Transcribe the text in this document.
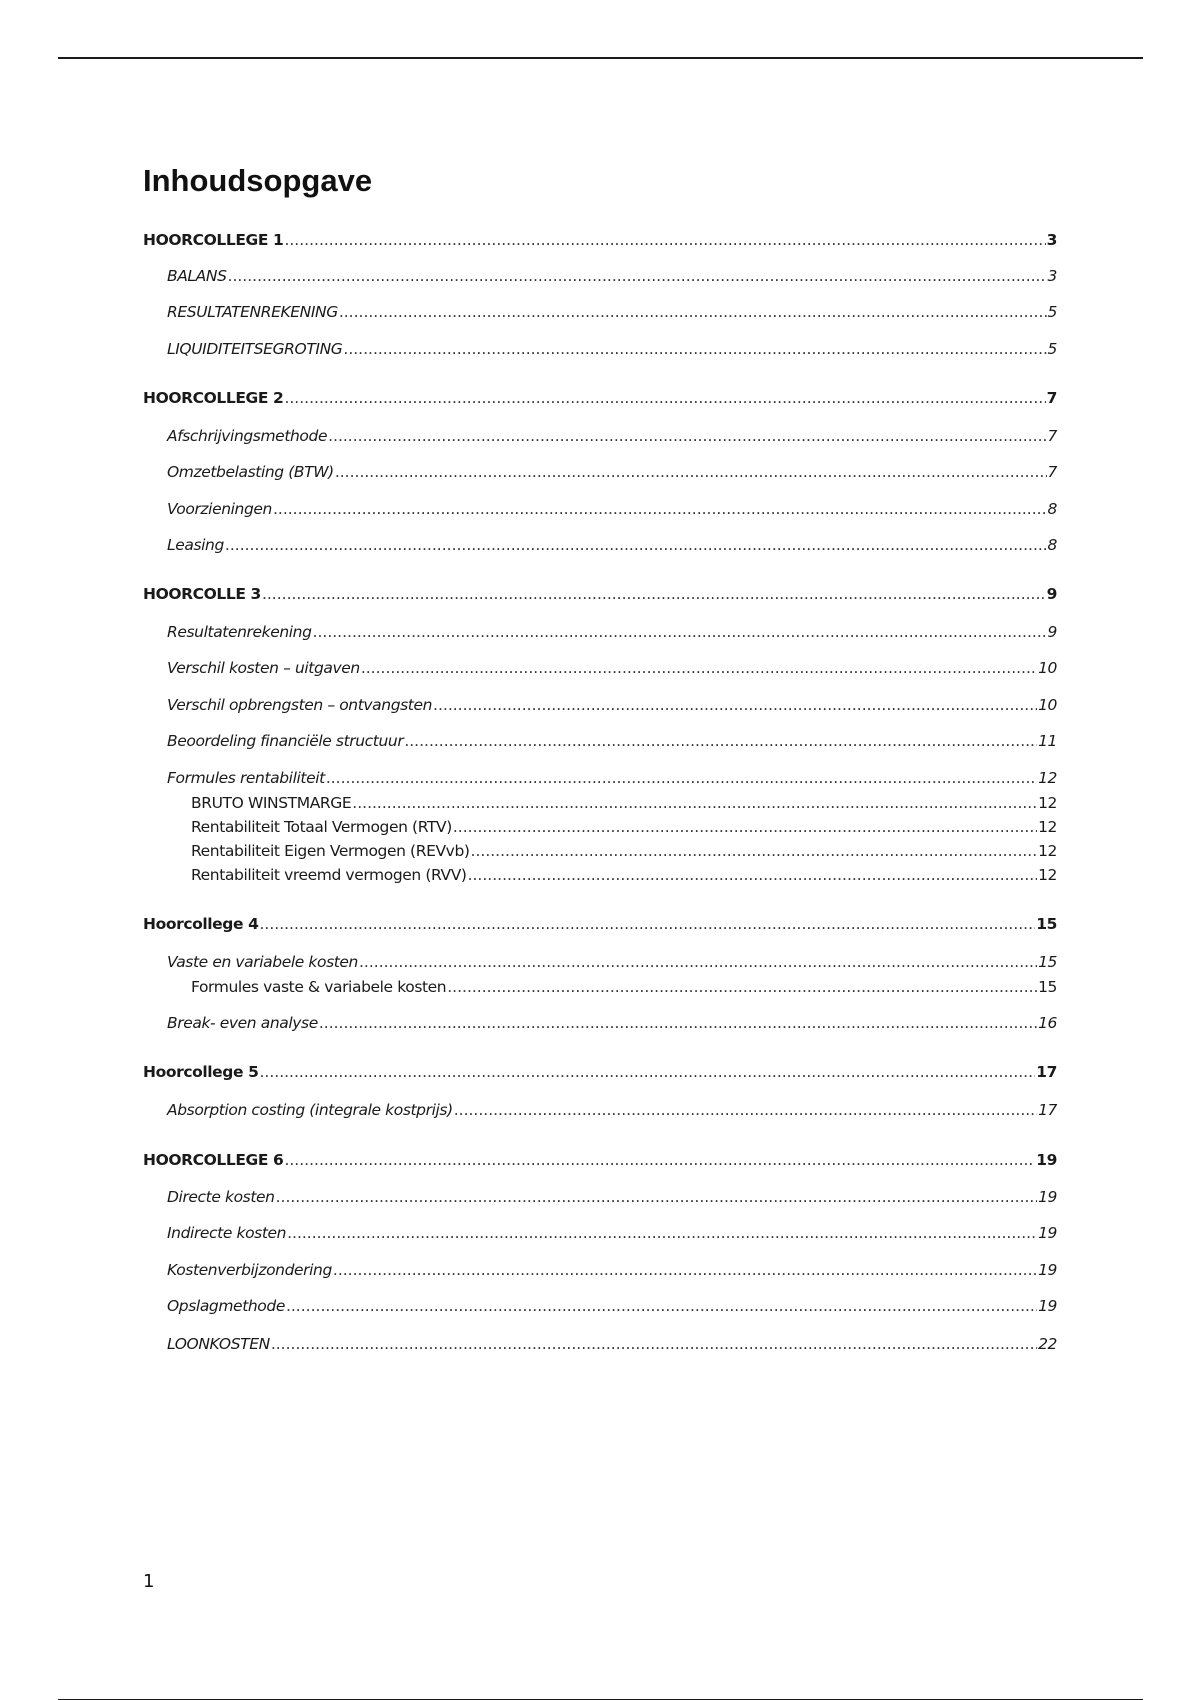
Inhoudsopgave
HOORCOLLEGE 1 .....	3
BALANS .....	3
RESULTATENREKENING .....	5
LIQUIDITEITSEGROTING .....	5
HOORCOLLEGE 2 .....	7
Afschrijvingsmethode .....	7
Omzetbelasting (BTW) .....	7
Voorzieningen .....	8
Leasing .....	8
HOORCOLLE 3 .....	9
Resultatenrekening .....	9
Verschil kosten – uitgaven .....	10
Verschil opbrengsten – ontvangsten .....	10
Beoordeling financiële structuur .....	11
Formules rentabiliteit .....	12
BRUTO WINSTMARGE .....	12
Rentabiliteit Totaal Vermogen (RTV) .....	12
Rentabiliteit Eigen Vermogen (REVvb) .....	12
Rentabiliteit vreemd vermogen (RVV) .....	12
Hoorcollege 4 .....	15
Vaste en variabele kosten .....	15
Formules vaste & variabele kosten .....	15
Break- even analyse .....	16
Hoorcollege 5 .....	17
Absorption costing (integrale kostprijs) .....	17
HOORCOLLEGE 6 .....	19
Directe kosten .....	19
Indirecte kosten .....	19
Kostenverbijzondering .....	19
Opslagmethode .....	19
LOONKOSTEN .....	22
1
